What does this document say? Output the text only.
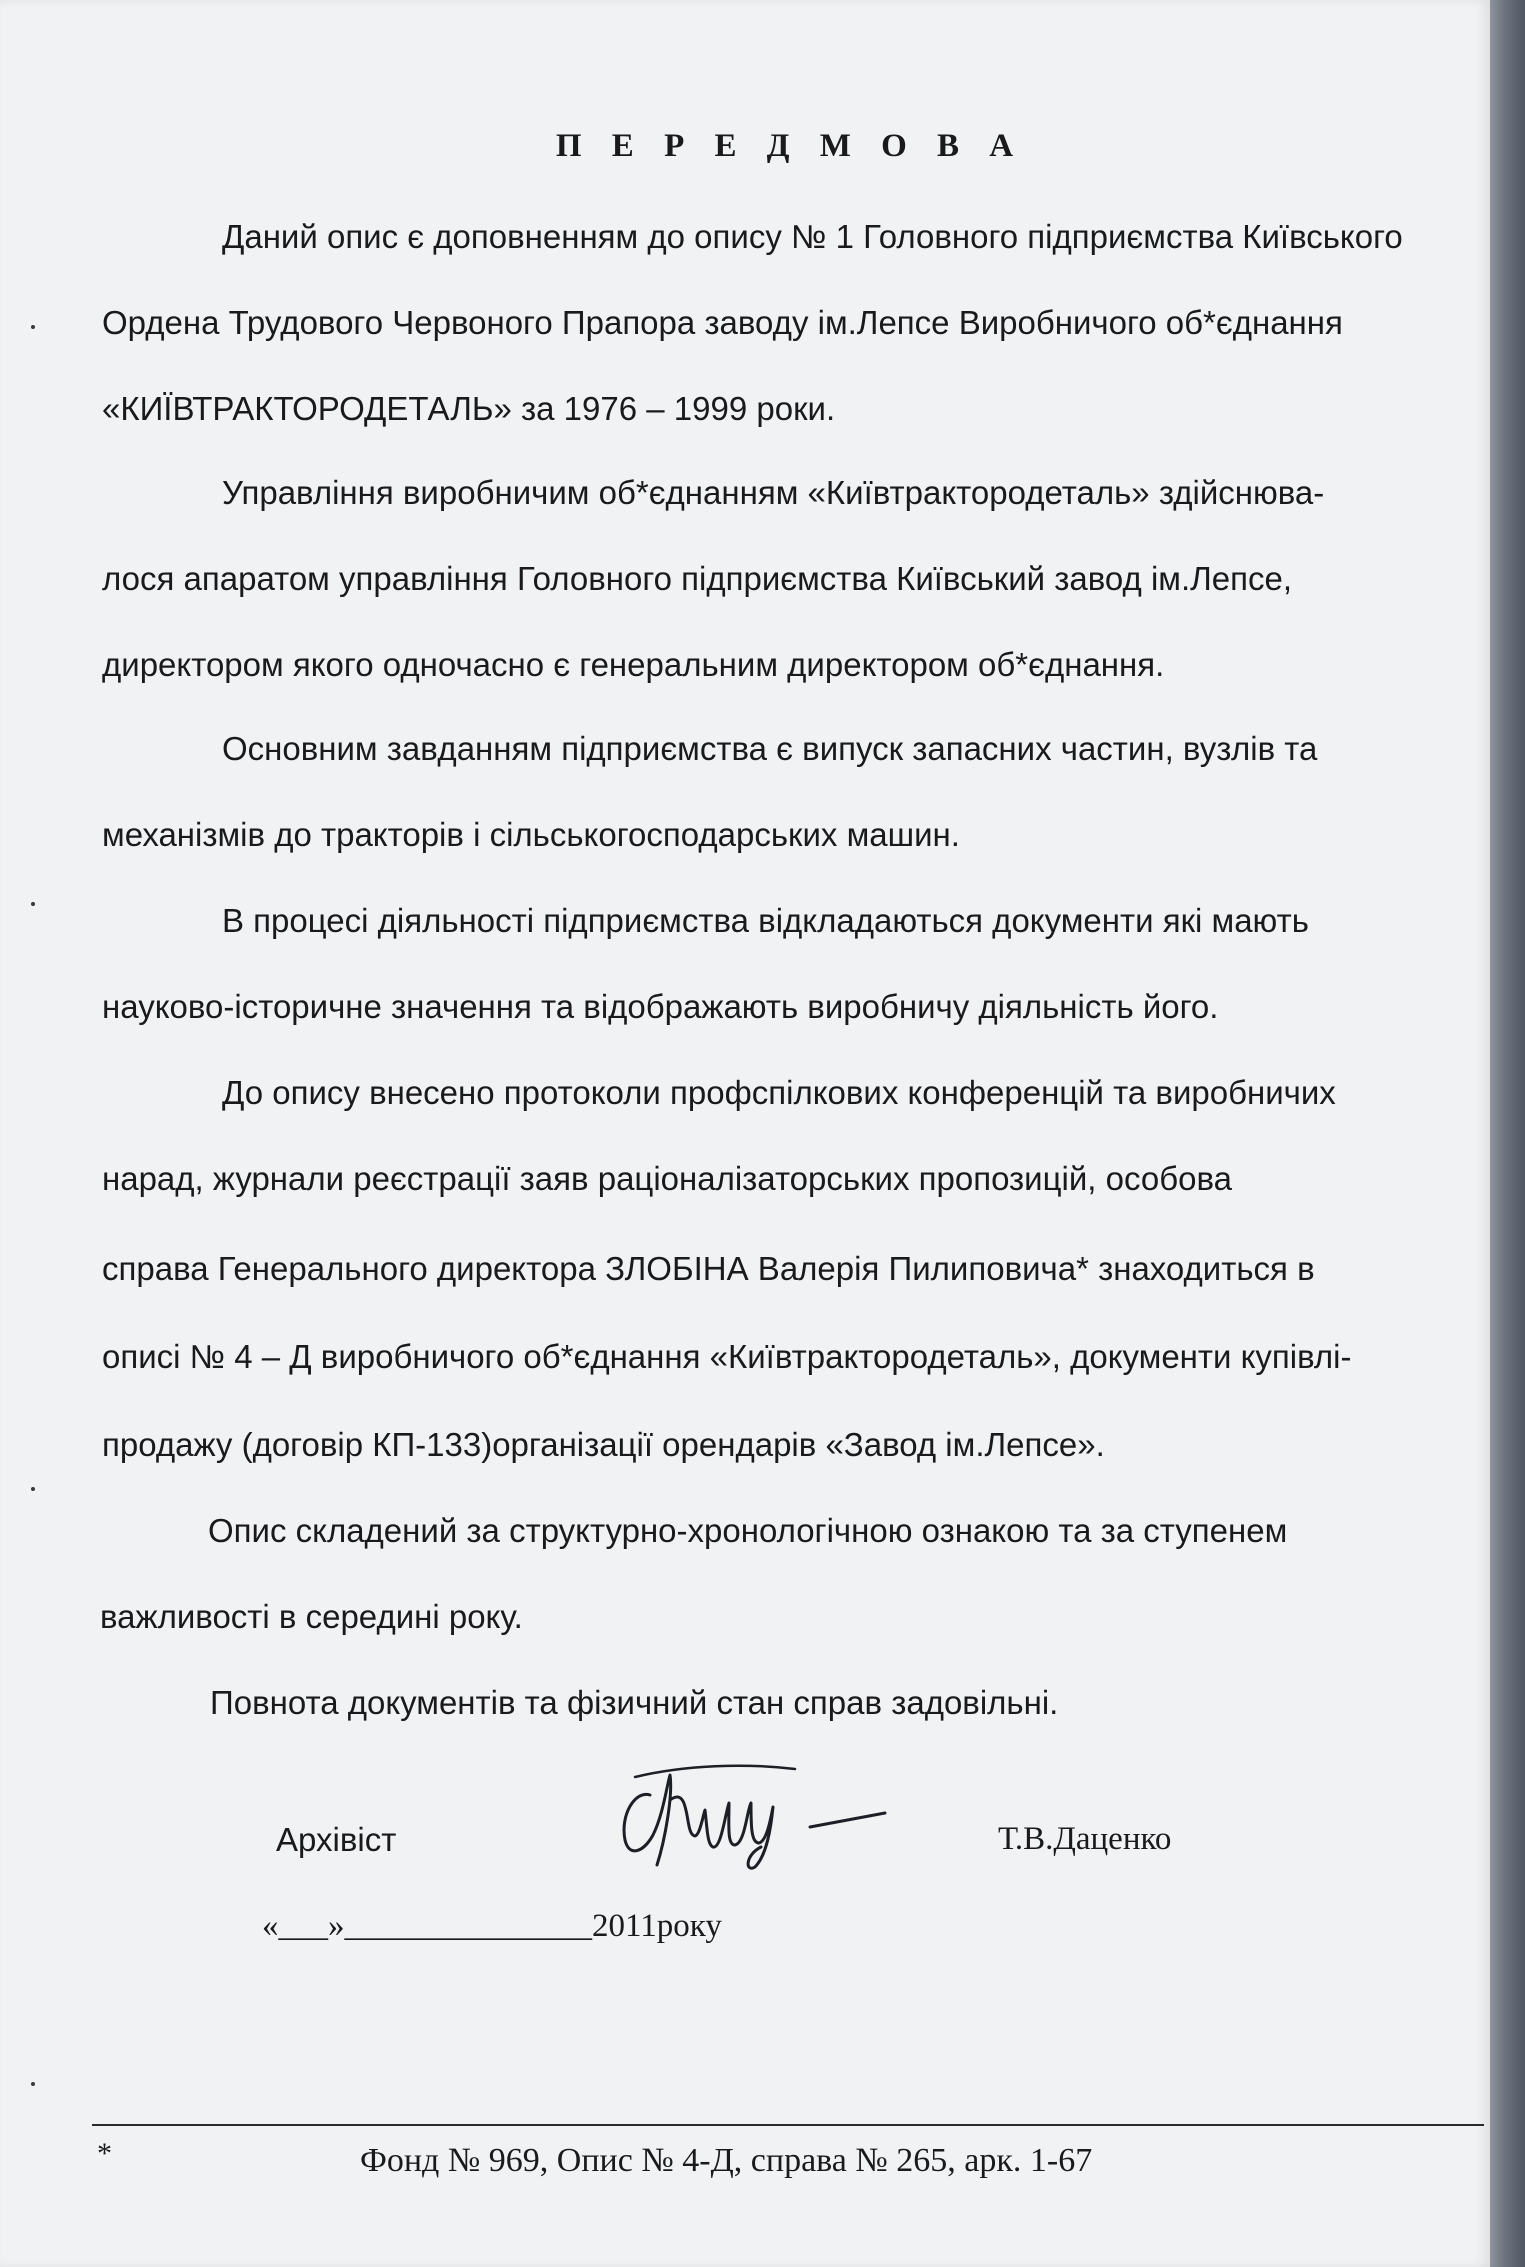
П Е Р Е Д М О В А
Даний опис є доповненням до опису № 1 Головного підприємства Київського
Ордена Трудового Червоного Прапора заводу ім.Лепсе Виробничого об*єднання
«КИЇВТРАКТОРОДЕТАЛЬ» за 1976 – 1999 роки.
Управління виробничим об*єднанням «Київтрактородеталь» здійснюва-
лося апаратом управління Головного підприємства Київський завод ім.Лепсе,
директором якого одночасно є генеральним директором об*єднання.
Основним завданням підприємства є випуск запасних частин, вузлів та
механізмів до тракторів і сільськогосподарських машин.
В процесі діяльності підприємства відкладаються документи які мають
науково-історичне значення та відображають виробничу діяльність його.
До опису внесено протоколи профспілкових конференцій та виробничих
нарад, журнали реєстрації заяв раціоналізаторських пропозицій, особова
справа Генерального директора ЗЛОБІНА Валерія Пилиповича* знаходиться в
описі № 4 – Д виробничого об*єднання «Київтрактородеталь», документи купівлі-
продажу (договір КП-133)організації орендарів «Завод ім.Лепсе».
Опис складений за структурно-хронологічною ознакою та за ступенем
важливості в середині року.
Повнота документів та фізичний стан справ задовільні.
Архівіст	Т.В.Даценко
«___»_______________2011року
*	Фонд № 969, Опис № 4-Д, справа № 265, арк. 1-67
